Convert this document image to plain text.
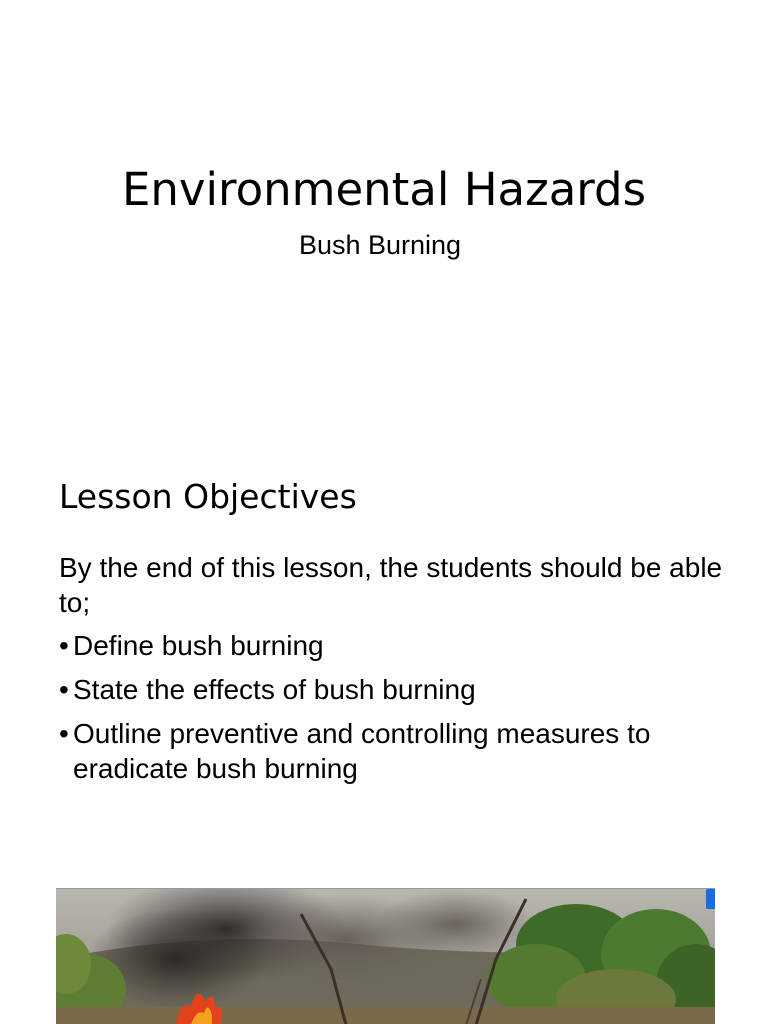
Environmental Hazards
Bush Burning
Lesson Objectives
By the end of this lesson, the students should be able to;
• Define bush burning
• State the effects of bush burning
• Outline preventive and controlling measures to eradicate bush burning
